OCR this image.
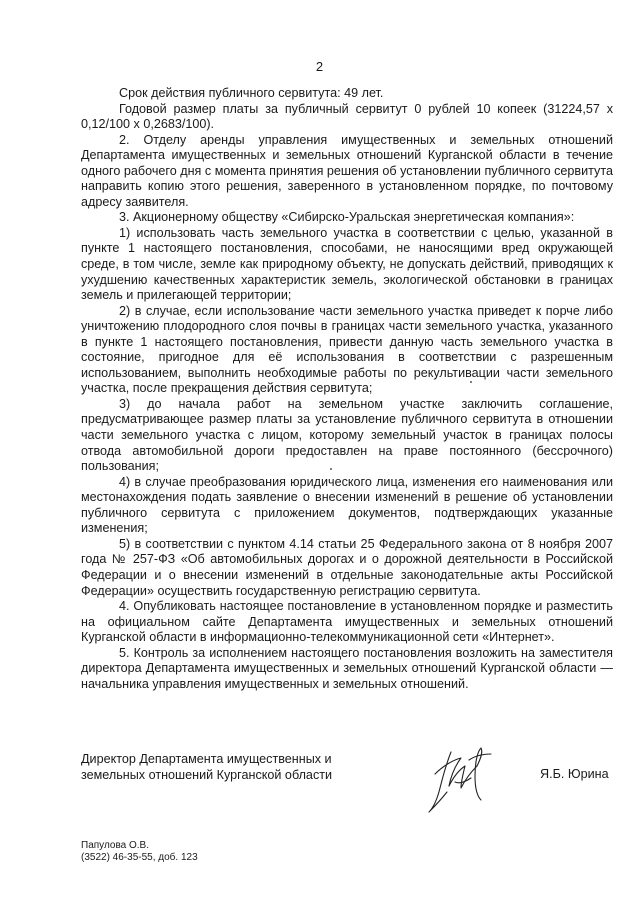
2

Срок действия публичного сервитута: 49 лет.

Годовой размер платы за публичный сервитут 0 рублей 10 копеек (31224,57 х 0,12/100 х 0,2683/100).

2. Отделу аренды управления имущественных и земельных отношений Департамента имущественных и земельных отношений Курганской области в течение одного рабочего дня с момента принятия решения об установлении публичного сервитута направить копию этого решения, заверенного в установленном порядке, по почтовому адресу заявителя.

3. Акционерному обществу «Сибирско-Уральская энергетическая компания»:

1) использовать часть земельного участка в соответствии с целью, указанной в пункте 1 настоящего постановления, способами, не наносящими вред окружающей среде, в том числе, земле как природному объекту, не допускать действий, приводящих к ухудшению качественных характеристик земель, экологической обстановки в границах земель и прилегающей территории;

2) в случае, если использование части земельного участка приведет к порче либо уничтожению плодородного слоя почвы в границах части земельного участка, указанного в пункте 1 настоящего постановления, привести данную часть земельного участка в состояние, пригодное для её использования в соответствии с разрешенным использованием, выполнить необходимые работы по рекультивации части земельного участка, после прекращения действия сервитута;

3) до начала работ на земельном участке заключить соглашение, предусматривающее размер платы за установление публичного сервитута в отношении части земельного участка с лицом, которому земельный участок в границах полосы отвода автомобильной дороги предоставлен на праве постоянного (бессрочного) пользования;

4) в случае преобразования юридического лица, изменения его наименования или местонахождения подать заявление о внесении изменений в решение об установлении публичного сервитута с приложением документов, подтверждающих указанные изменения;

5) в соответствии с пунктом 4.14 статьи 25 Федерального закона от 8 ноября 2007 года № 257-ФЗ «Об автомобильных дорогах и о дорожной деятельности в Российской Федерации и о внесении изменений в отдельные законодательные акты Российской Федерации» осуществить государственную регистрацию сервитута.

4. Опубликовать настоящее постановление в установленном порядке и разместить на официальном сайте Департамента имущественных и земельных отношений Курганской области в информационно-телекоммуникационной сети «Интернет».

5. Контроль за исполнением настоящего постановления возложить на заместителя директора Департамента имущественных и земельных отношений Курганской области — начальника управления имущественных и земельных отношений.

Директор Департамента имущественных и
земельных отношений Курганской области	Я.Б. Юрина
Папулова О.В.
(3522) 46-35-55, доб. 123
